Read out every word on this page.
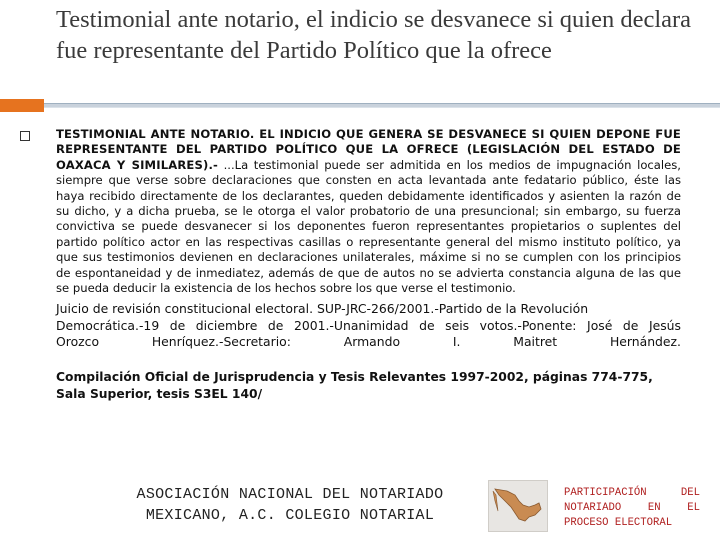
Testimonial ante notario, el indicio se desvanece si quien declara fue representante del Partido Político que la ofrece

TESTIMONIAL ANTE NOTARIO. EL INDICIO QUE GENERA SE DESVANECE SI QUIEN DEPONE FUE REPRESENTANTE DEL PARTIDO POLÍTICO QUE LA OFRECE (LEGISLACIÓN DEL ESTADO DE OAXACA Y SIMILARES).- ...La testimonial puede ser admitida en los medios de impugnación locales, siempre que verse sobre declaraciones que consten en acta levantada ante fedatario público, éste las haya recibido directamente de los declarantes, queden debidamente identificados y asienten la razón de su dicho, y a dicha prueba, se le otorga el valor probatorio de una presuncional; sin embargo, su fuerza convictiva se puede desvanecer si los deponentes fueron representantes propietarios o suplentes del partido político actor en las respectivas casillas o representante general del mismo instituto político, ya que sus testimonios devienen en declaraciones unilaterales, máxime si no se cumplen con los principios de espontaneidad y de inmediatez, además de que de autos no se advierta constancia alguna de las que se pueda deducir la existencia de los hechos sobre los que verse el testimonio.

Juicio de revisión constitucional electoral. SUP-JRC-266/2001.-Partido de la Revolución
Democrática.-19 de diciembre de 2001.-Unanimidad de seis votos.-Ponente: José de Jesús
Orozco Henríquez.-Secretario: Armando I. Maitret Hernández.

Compilación Oficial de Jurisprudencia y Tesis Relevantes 1997-2002, páginas 774-775, Sala Superior, tesis S3EL 140/

ASOCIACIÓN NACIONAL DEL NOTARIADO
MEXICANO, A.C. COLEGIO NOTARIAL
PARTICIPACIÓN DEL
NOTARIADO EN EL
PROCESO ELECTORAL
